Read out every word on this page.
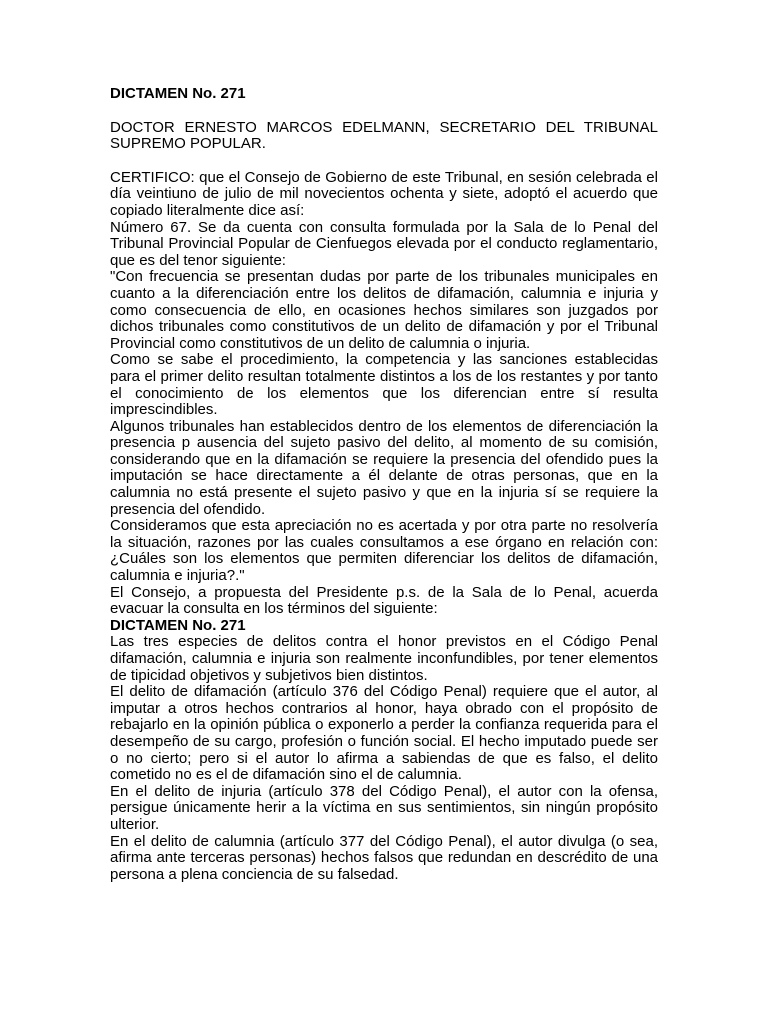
DICTAMEN No. 271

DOCTOR ERNESTO MARCOS EDELMANN, SECRETARIO DEL TRIBUNAL SUPREMO POPULAR.

CERTIFICO: que el Consejo de Gobierno de este Tribunal, en sesión celebrada el día veintiuno de julio de mil novecientos ochenta y siete, adoptó el acuerdo que copiado literalmente dice así:

Número 67. Se da cuenta con consulta formulada por la Sala de lo Penal del Tribunal Provincial Popular de Cienfuegos elevada por el conducto reglamentario, que es del tenor siguiente:

"Con frecuencia se presentan dudas por parte de los tribunales municipales en cuanto a la diferenciación entre los delitos de difamación, calumnia e injuria y como consecuencia de ello, en ocasiones hechos similares son juzgados por dichos tribunales como constitutivos de un delito de difamación y por el Tribunal Provincial como constitutivos de un delito de calumnia o injuria.

Como se sabe el procedimiento, la competencia y las sanciones establecidas para el primer delito resultan totalmente distintos a los de los restantes y por tanto el conocimiento de los elementos que los diferencian entre sí resulta imprescindibles.

Algunos tribunales han establecidos dentro de los elementos de diferenciación la presencia p ausencia del sujeto pasivo del delito, al momento de su comisión, considerando que en la difamación se requiere la presencia del ofendido pues la imputación se hace directamente a él delante de otras personas, que en la calumnia no está presente el sujeto pasivo y que en la injuria sí se requiere la presencia del ofendido.

Consideramos que esta apreciación no es acertada y por otra parte no resolvería la situación, razones por las cuales consultamos a ese órgano en relación con: ¿Cuáles son los elementos que permiten diferenciar los delitos de difamación, calumnia e injuria?."

El Consejo, a propuesta del Presidente p.s. de la Sala de lo Penal, acuerda evacuar la consulta en los términos del siguiente:

DICTAMEN No. 271

Las tres especies de delitos contra el honor previstos en el Código Penal difamación, calumnia e injuria son realmente inconfundibles, por tener elementos de tipicidad objetivos y subjetivos bien distintos.

El delito de difamación (artículo 376 del Código Penal) requiere que el autor, al imputar a otros hechos contrarios al honor, haya obrado con el propósito de rebajarlo en la opinión pública o exponerlo a perder la confianza requerida para el desempeño de su cargo, profesión o función social. El hecho imputado puede ser o no cierto; pero si el autor lo afirma a sabiendas de que es falso, el delito cometido no es el de difamación sino el de calumnia.

En el delito de injuria (artículo 378 del Código Penal), el autor con la ofensa, persigue únicamente herir a la víctima en sus sentimientos, sin ningún propósito ulterior.

En el delito de calumnia (artículo 377 del Código Penal), el autor divulga (o sea, afirma ante terceras personas) hechos falsos que redundan en descrédito de una persona a plena conciencia de su falsedad.
